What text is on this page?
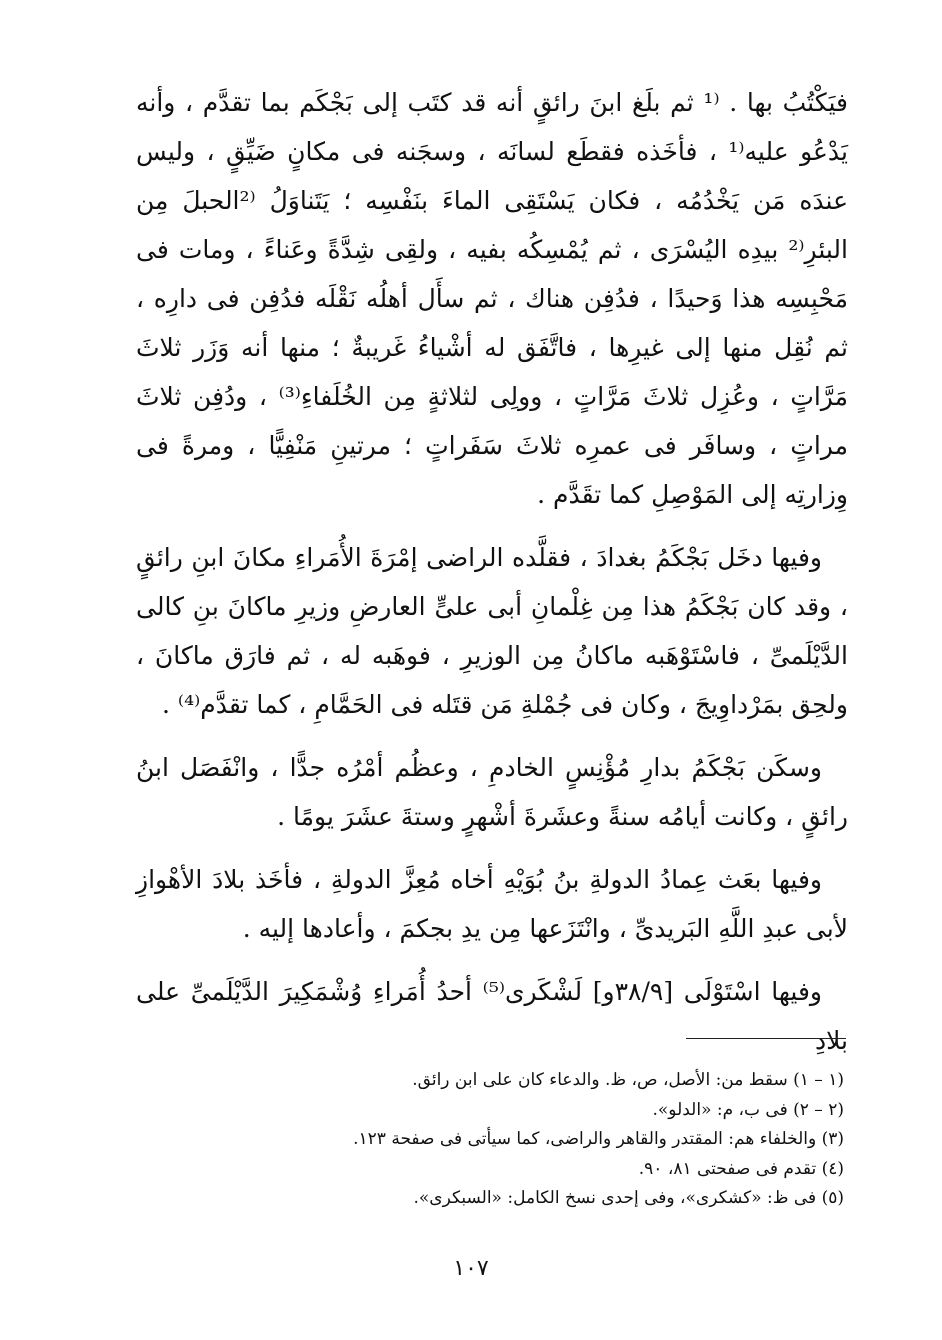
فيَكْتُبُ بها . ⁽¹ ثم بلَغ ابنَ رائقٍ أنه قد كتَب إلى بَجْكَم بما تقدَّم ، وأنه يَدْعُو عليه⁽¹ ، فأخَذه فقطَع لسانَه ، وسجَنه فى مكانٍ ضَيِّقٍ ، وليس عندَه مَن يَخْدُمُه ، فكان يَسْتَقِى الماءَ بنَفْسِه ؛ يَتَناوَلُ ⁽²الحبلَ مِن البئرِ⁽² بيدِه اليُسْرَى ، ثم يُمْسِكُه بفيه ، ولقِى شِدَّةً وعَناءً ، ومات فى مَحْبِسِه هذا وَحيدًا ، فدُفِن هناك ، ثم سأَل أهلُه نَقْلَه فدُفِن فى دارِه ، ثم نُقِل منها إلى غيرِها ، فاتَّفَق له أشْياءُ غَريبةٌ ؛ منها أنه وَزَر ثلاثَ مَرَّاتٍ ، وعُزِل ثلاثَ مَرَّاتٍ ، وولِى لثلاثةٍ مِن الخُلَفاءِ⁽³⁾ ، ودُفِن ثلاثَ مراتٍ ، وسافَر فى عمرِه ثلاثَ سَفَراتٍ ؛ مرتينِ مَنْفِيًّا ، ومرةً فى وِزارتِه إلى المَوْصِلِ كما تقَدَّم .

وفيها دخَل بَجْكَمُ بغدادَ ، فقلَّده الراضى إمْرَةَ الأُمَراءِ مكانَ ابنِ رائقٍ ، وقد كان بَجْكَمُ هذا مِن غِلْمانِ أبى علىٍّ العارضِ وزيرِ ماكانَ بنِ كالى الدَّيْلَمىِّ ، فاسْتَوْهَبه ماكانُ مِن الوزيرِ ، فوهَبه له ، ثم فارَق ماكانَ ، ولحِق بمَرْداوِيجَ ، وكان فى جُمْلةِ مَن قتَله فى الحَمَّامِ ، كما تقدَّم⁽⁴⁾ .

وسكَن بَجْكَمُ بدارِ مُؤْنِسٍ الخادمِ ، وعظُم أمْرُه جدًّا ، وانْفَصَل ابنُ رائقٍ ، وكانت أيامُه سنةً وعشَرةَ أشْهرٍ وستةَ عشَرَ يومًا .

وفيها بعَث عِمادُ الدولةِ بنُ بُوَيْهِ أخاه مُعِزَّ الدولةِ ، فأخَذ بلادَ الأهْوازِ لأبى عبدِ اللَّهِ البَريدىِّ ، وانْتَزَعها مِن يدِ بجكمَ ، وأعادها إليه .

وفيها اسْتَوْلَى [٩/‏٣٨و] لَشْكَرى⁽⁵⁾ أحدُ أُمَراءِ وُشْمَكِيرَ الدَّيْلَمىِّ على بلادِ

(١ – ١) سقط من: الأصل، ص، ظ. والدعاء كان على ابن رائق.

(٢ – ٢) فى ب، م: «الدلو».

(٣) والخلفاء هم: المقتدر والقاهر والراضى، كما سيأتى فى صفحة ١٢٣.

(٤) تقدم فى صفحتى ٨١، ٩٠.

(٥) فى ظ: «كشكرى»، وفى إحدى نسخ الكامل: «السبكرى».

١٠٧
